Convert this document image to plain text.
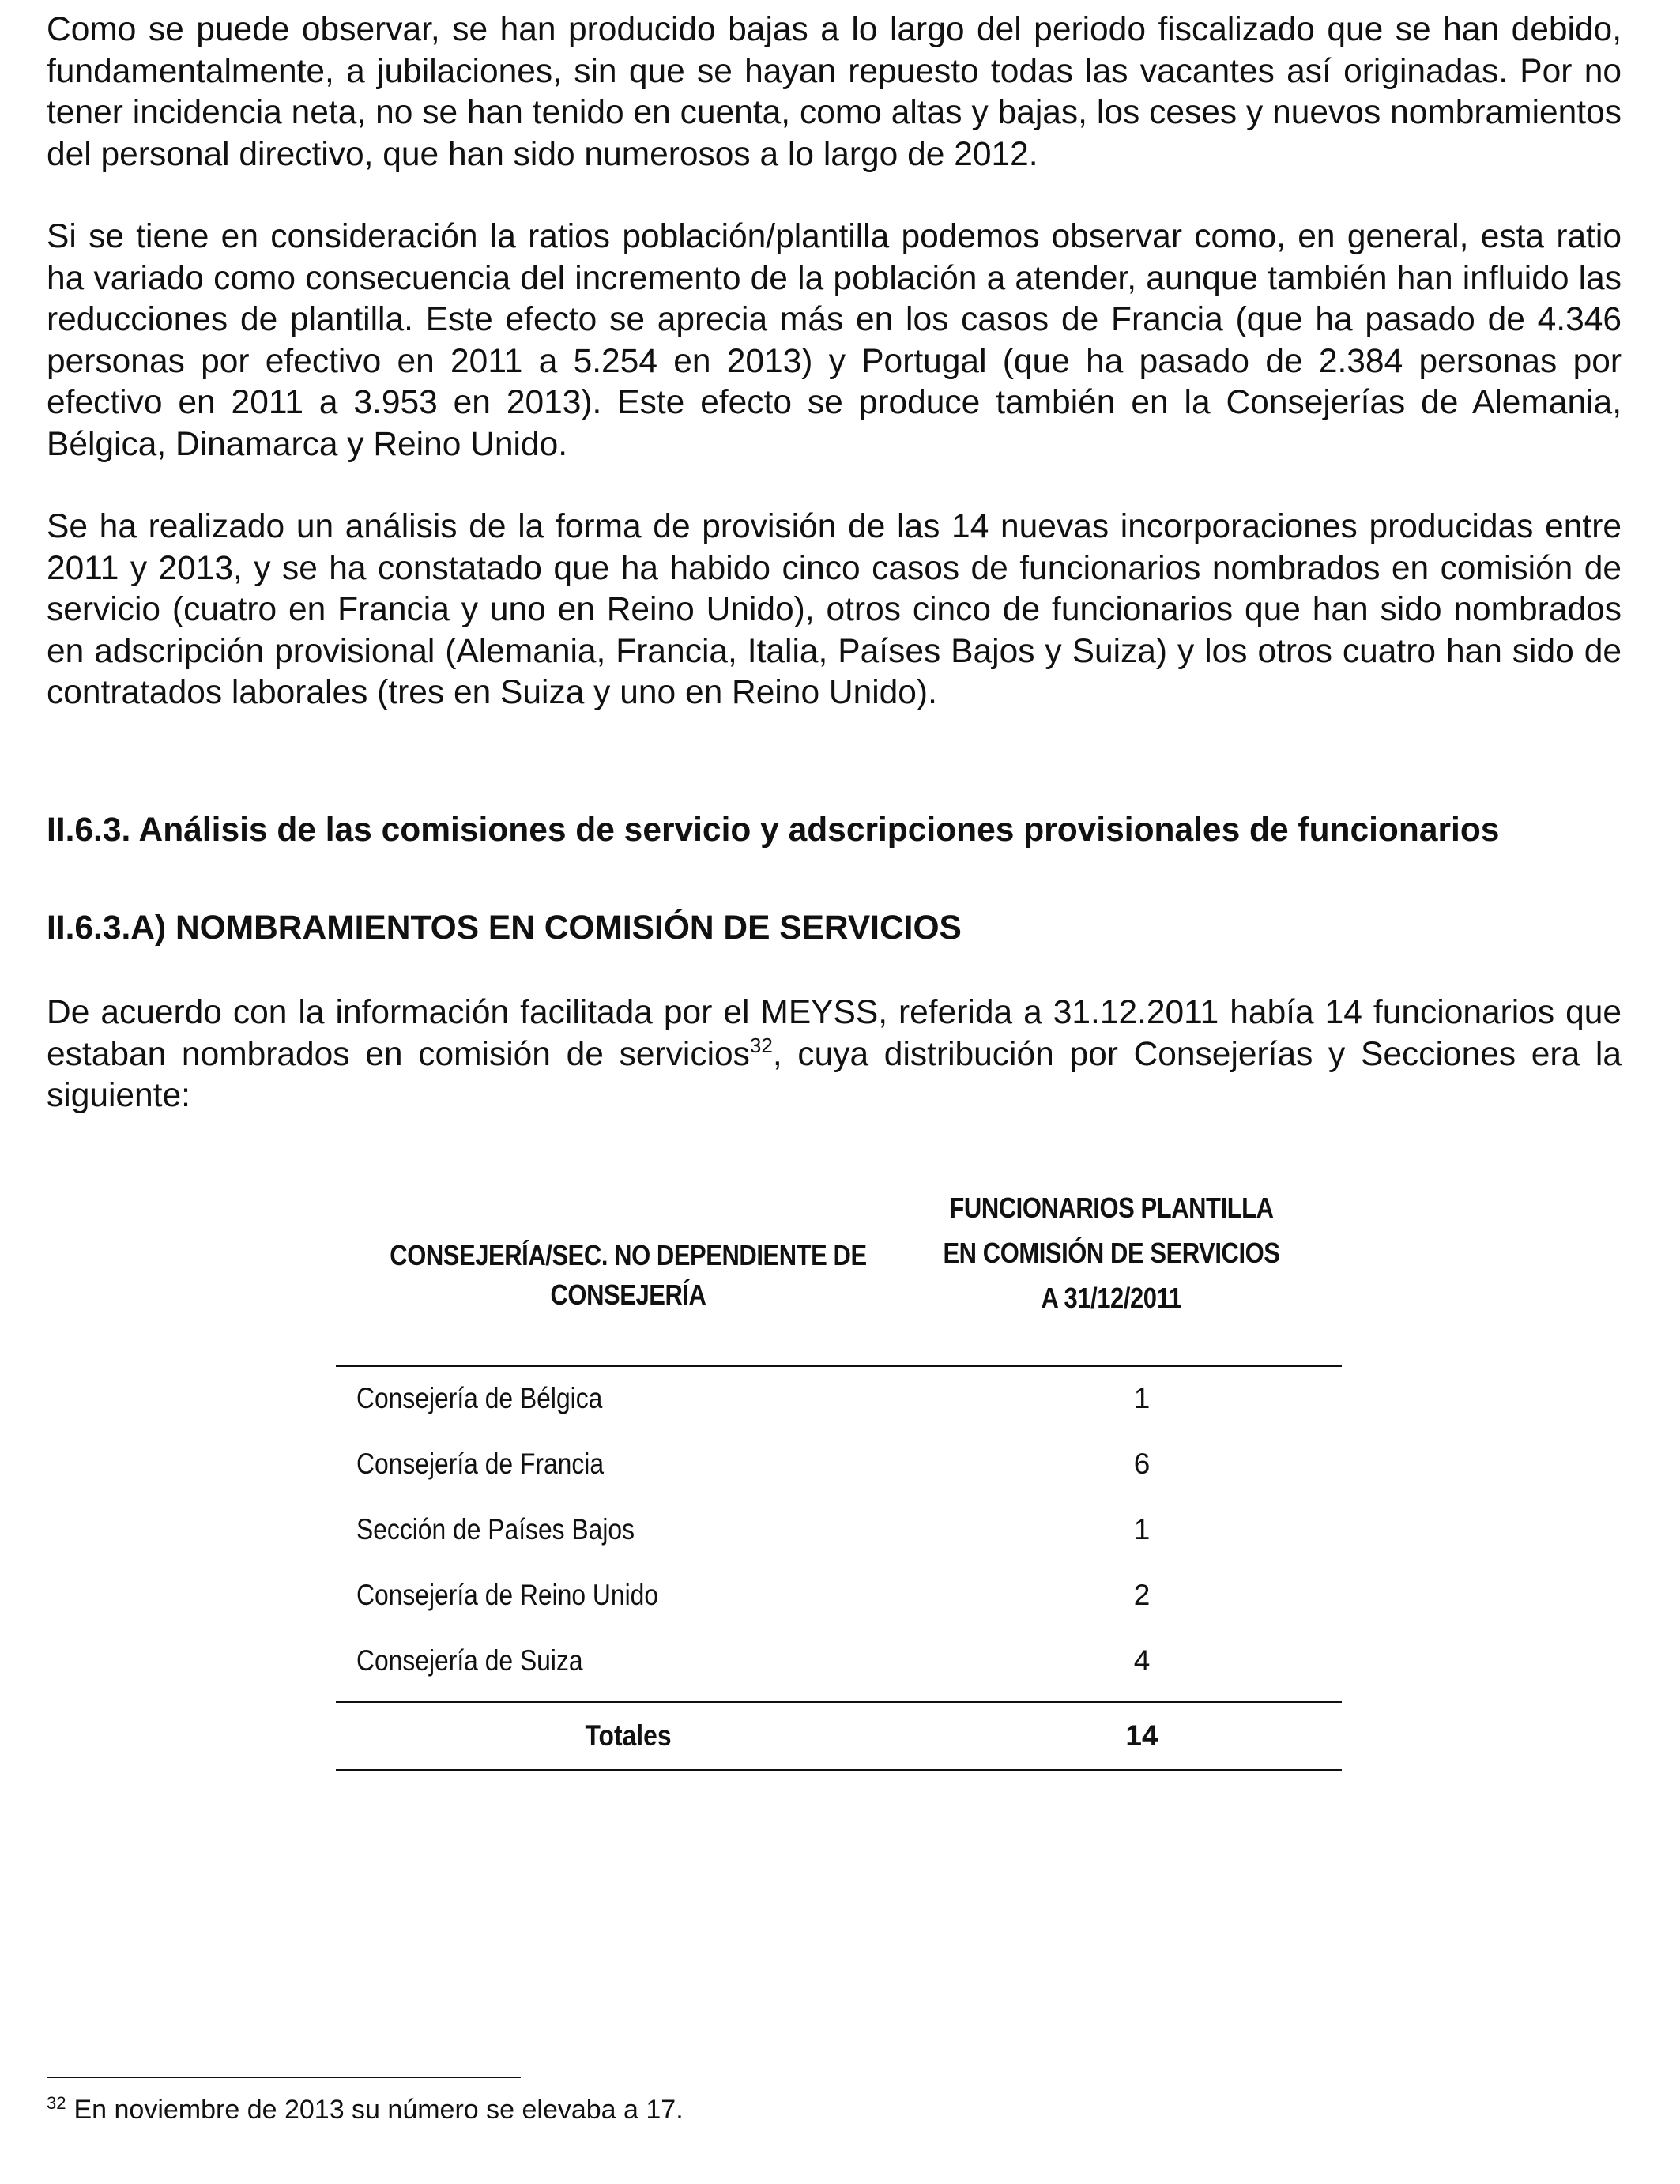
Como se puede observar, se han producido bajas a lo largo del periodo fiscalizado que se han debido, fundamentalmente, a jubilaciones, sin que se hayan repuesto todas las vacantes así originadas. Por no tener incidencia neta, no se han tenido en cuenta, como altas y bajas, los ceses y nuevos nombramientos del personal directivo, que han sido numerosos a lo largo de 2012.

Si se tiene en consideración la ratios población/plantilla podemos observar como, en general, esta ratio ha variado como consecuencia del incremento de la población a atender, aunque también han influido las reducciones de plantilla. Este efecto se aprecia más en los casos de Francia (que ha pasado de 4.346 personas por efectivo en 2011 a 5.254 en 2013) y Portugal (que ha pasado de 2.384 personas por efectivo en 2011 a 3.953 en 2013). Este efecto se produce también en la Consejerías de Alemania, Bélgica, Dinamarca y Reino Unido.

Se ha realizado un análisis de la forma de provisión de las 14 nuevas incorporaciones producidas entre 2011 y 2013, y se ha constatado que ha habido cinco casos de funcionarios nombrados en comisión de servicio (cuatro en Francia y uno en Reino Unido), otros cinco de funcionarios que han sido nombrados en adscripción provisional (Alemania, Francia, Italia, Países Bajos y Suiza) y los otros cuatro han sido de contratados laborales (tres en Suiza y uno en Reino Unido).

II.6.3. Análisis de las comisiones de servicio y adscripciones provisionales de funcionarios
II.6.3.A) NOMBRAMIENTOS EN COMISIÓN DE SERVICIOS

De acuerdo con la información facilitada por el MEYSS, referida a 31.12.2011 había 14 funcionarios que estaban nombrados en comisión de servicios$^{32}$, cuya distribución por Consejerías y Secciones era la siguiente:

CONSEJERÍA/SEC. NO DEPENDIENTE DE CONSEJERÍA
FUNCIONARIOS PLANTILLA
EN COMISIÓN DE SERVICIOS
A 31/12/2011
Consejería de Bélgica	1
Consejería de Francia	6
Sección de Países Bajos	1
Consejería de Reino Unido	2
Consejería de Suiza	4
Totales	14

$^{32}$ En noviembre de 2013 su número se elevaba a 17.
